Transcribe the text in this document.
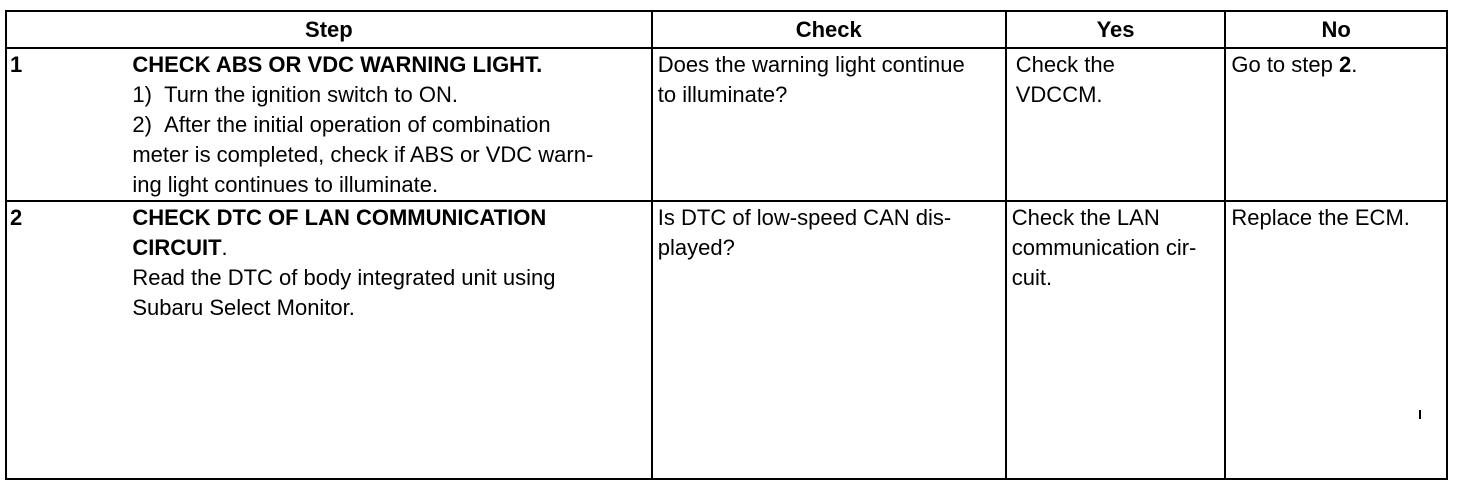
Step		Check	Yes	No
1	CHECK ABS OR VDC WARNING LIGHT.
1)  Turn the ignition switch to ON.
2)  After the initial operation of combination
meter is completed, check if ABS or VDC warn-
ing light continues to illuminate.	Does the warning light continue
to illuminate?	Check the
VDCCM.	Go to step 2.
2	CHECK DTC OF LAN COMMUNICATION
CIRCUIT.
Read the DTC of body integrated unit using
Subaru Select Monitor.	Is DTC of low-speed CAN dis-
played?	Check the LAN
communication cir-
cuit.	Replace the ECM.
